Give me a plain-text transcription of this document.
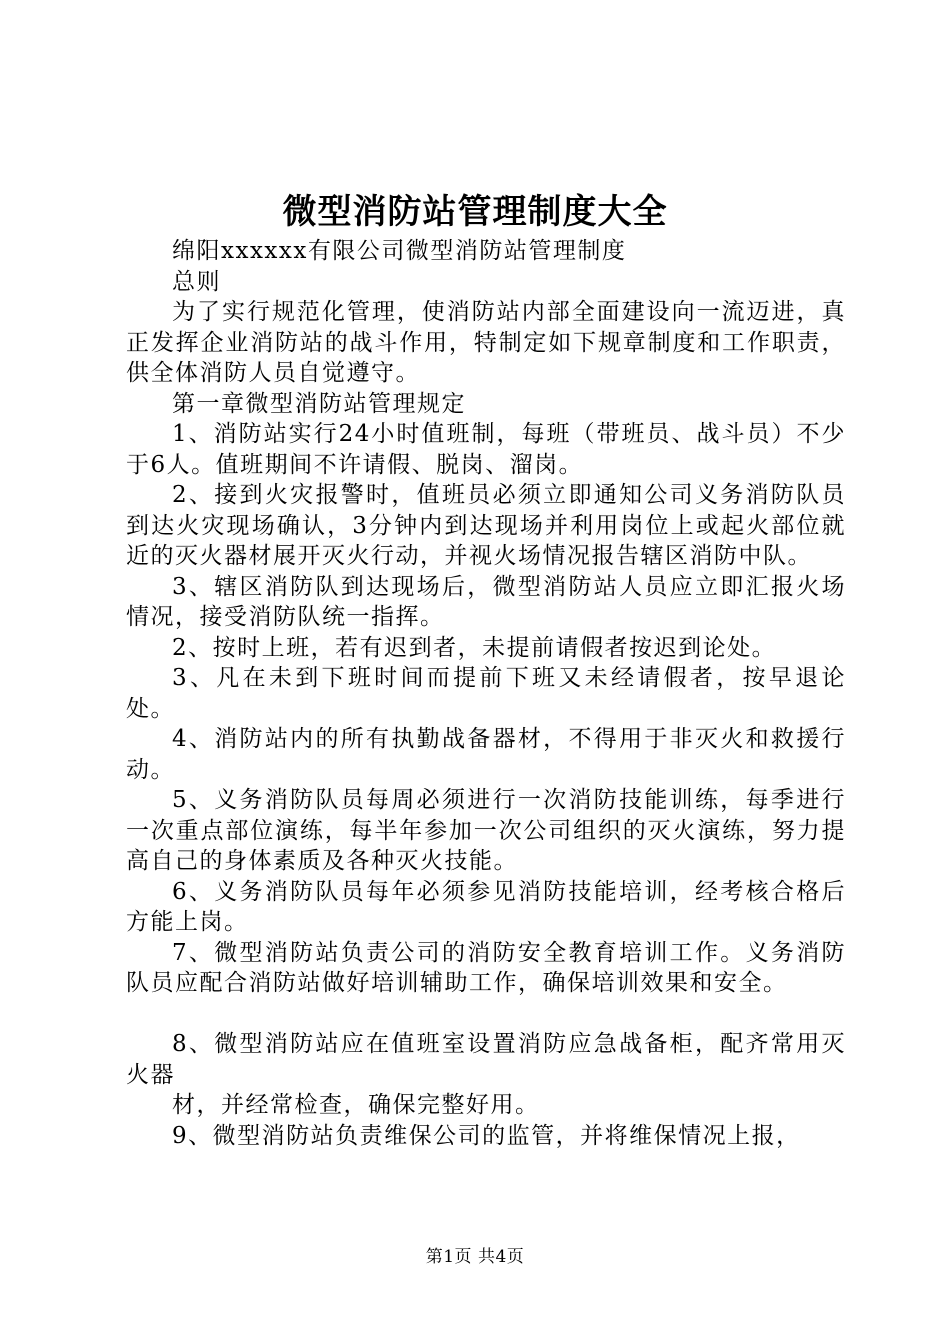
微型消防站管理制度大全

绵阳xxxxxx有限公司微型消防站管理制度

总则

为了实行规范化管理，使消防站内部全面建设向一流迈进，真正发挥企业消防站的战斗作用，特制定如下规章制度和工作职责，供全体消防人员自觉遵守。

第一章微型消防站管理规定

1、消防站实行24小时值班制，每班（带班员、战斗员）不少于6人。值班期间不许请假、脱岗、溜岗。

2、接到火灾报警时，值班员必须立即通知公司义务消防队员到达火灾现场确认，3分钟内到达现场并利用岗位上或起火部位就近的灭火器材展开灭火行动，并视火场情况报告辖区消防中队。

3、辖区消防队到达现场后，微型消防站人员应立即汇报火场情况，接受消防队统一指挥。

2、按时上班，若有迟到者，未提前请假者按迟到论处。

3、凡在未到下班时间而提前下班又未经请假者，按早退论处。

4、消防站内的所有执勤战备器材，不得用于非灭火和救援行动。

5、义务消防队员每周必须进行一次消防技能训练，每季进行一次重点部位演练，每半年参加一次公司组织的灭火演练，努力提高自己的身体素质及各种灭火技能。

6、义务消防队员每年必须参见消防技能培训，经考核合格后方能上岗。

7、微型消防站负责公司的消防安全教育培训工作。义务消防队员应配合消防站做好培训辅助工作，确保培训效果和安全。

8、微型消防站应在值班室设置消防应急战备柜，配齐常用灭火器

材，并经常检查，确保完整好用。

9、微型消防站负责维保公司的监管，并将维保情况上报，

第1页 共4页
